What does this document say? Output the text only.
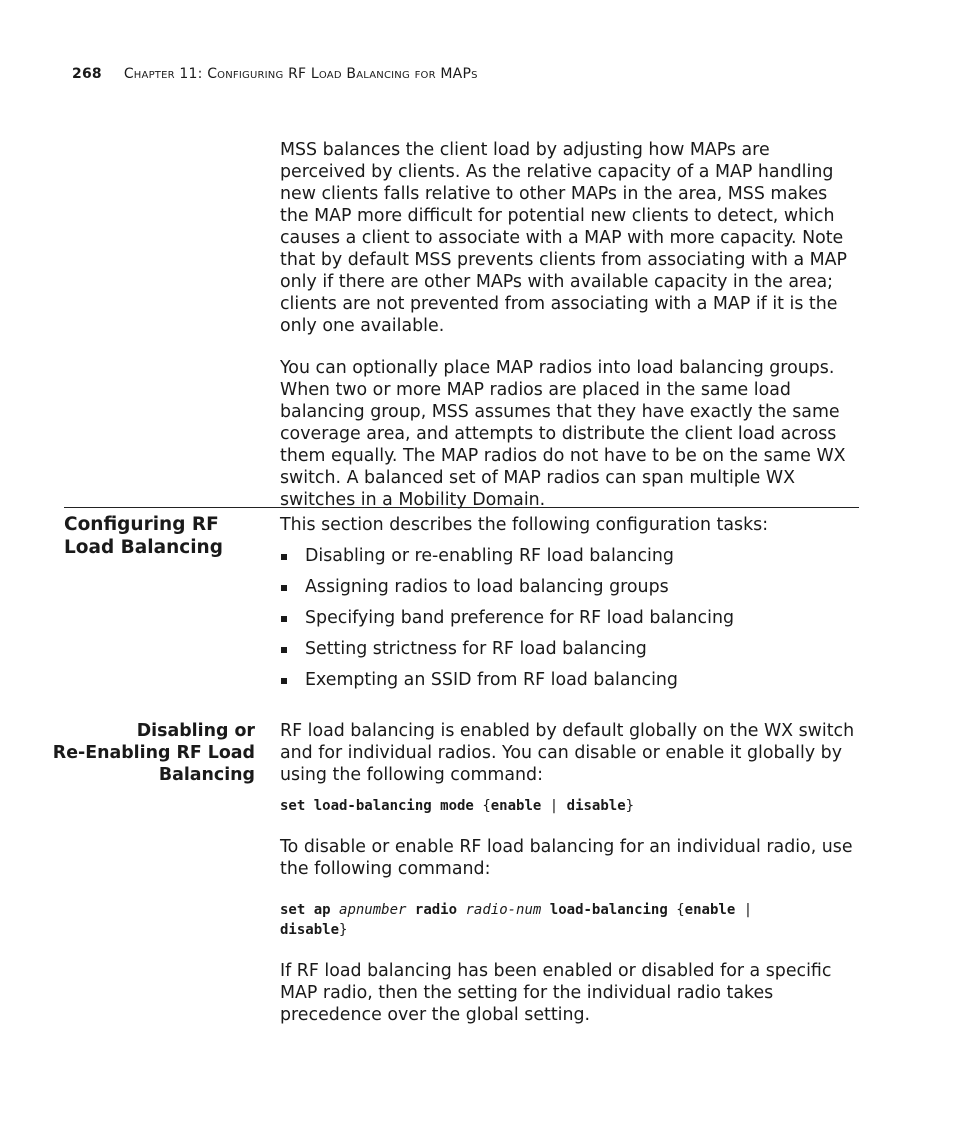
268 Chapter 11: Configuring RF Load Balancing for MAPs

MSS balances the client load by adjusting how MAPs are perceived by clients. As the relative capacity of a MAP handling new clients falls relative to other MAPs in the area, MSS makes the MAP more difficult for potential new clients to detect, which causes a client to associate with a MAP with more capacity. Note that by default MSS prevents clients from associating with a MAP only if there are other MAPs with available capacity in the area; clients are not prevented from associating with a MAP if it is the only one available.

You can optionally place MAP radios into load balancing groups. When two or more MAP radios are placed in the same load balancing group, MSS assumes that they have exactly the same coverage area, and attempts to distribute the client load across them equally. The MAP radios do not have to be on the same WX switch. A balanced set of MAP radios can span multiple WX switches in a Mobility Domain.

Configuring RF
Load Balancing

This section describes the following configuration tasks:

Disabling or re-enabling RF load balancing
Assigning radios to load balancing groups
Specifying band preference for RF load balancing
Setting strictness for RF load balancing
Exempting an SSID from RF load balancing
Disabling or
Re-Enabling RF Load
Balancing

RF load balancing is enabled by default globally on the WX switch and for individual radios. You can disable or enable it globally by using the following command:

set load-balancing mode {enable | disable}

To disable or enable RF load balancing for an individual radio, use the following command:

set ap apnumber radio radio-num load-balancing {enable |
disable}

If RF load balancing has been enabled or disabled for a specific MAP radio, then the setting for the individual radio takes precedence over the global setting.
